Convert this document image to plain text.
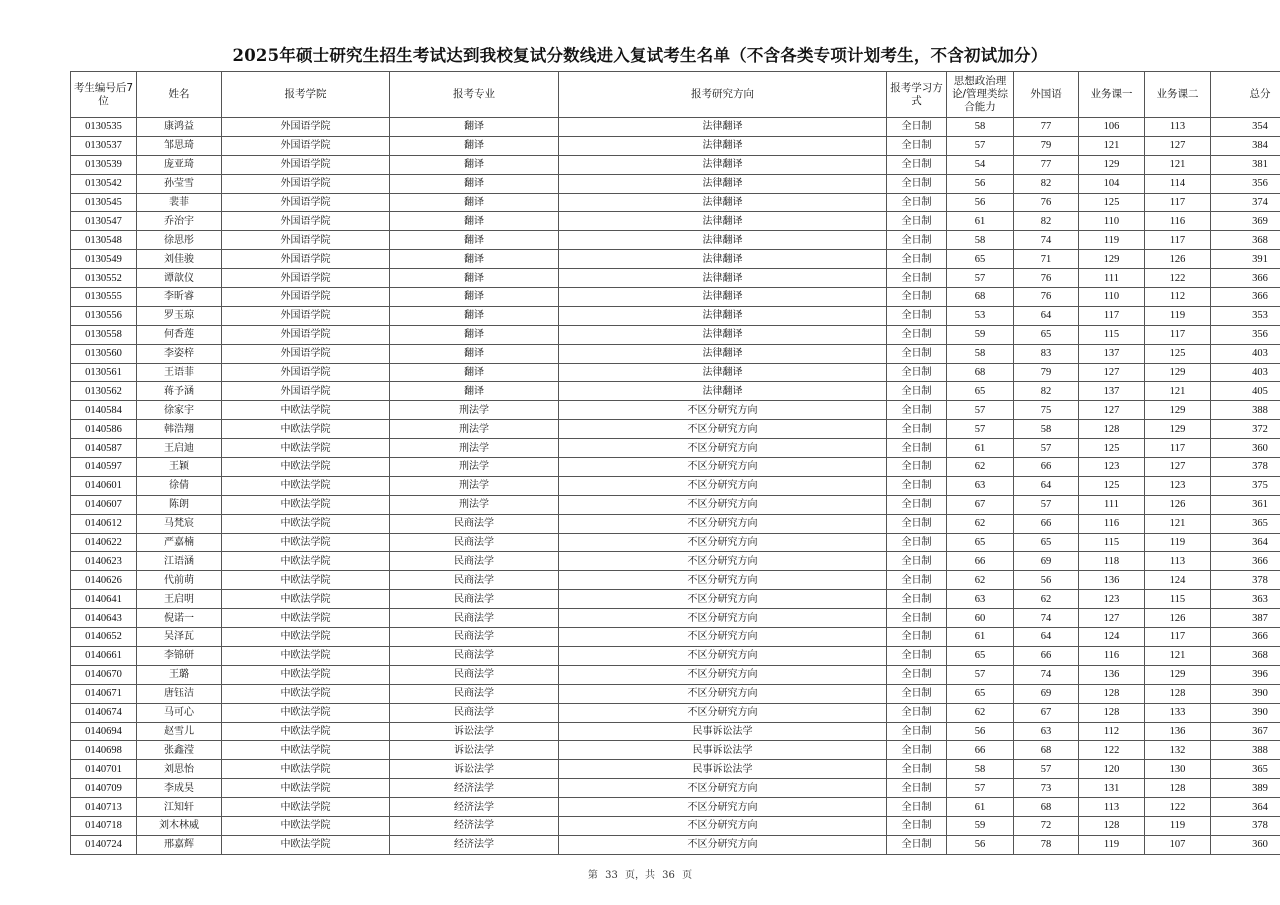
2025年硕士研究生招生考试达到我校复试分数线进入复试考生名单（不含各类专项计划考生，不含初试加分）
考生编号后7位	姓名	报考学院	报考专业	报考研究方向	报考学习方式	思想政治理论/管理类综合能力	外国语	业务课一	业务课二	总分
0130535	康鸿益	外国语学院	翻译	法律翻译	全日制	58	77	106	113	354
0130537	邹思琦	外国语学院	翻译	法律翻译	全日制	57	79	121	127	384
0130539	庞亚琦	外国语学院	翻译	法律翻译	全日制	54	77	129	121	381
0130542	孙莹雪	外国语学院	翻译	法律翻译	全日制	56	82	104	114	356
0130545	裴菲	外国语学院	翻译	法律翻译	全日制	56	76	125	117	374
0130547	乔治宇	外国语学院	翻译	法律翻译	全日制	61	82	110	116	369
0130548	徐思彤	外国语学院	翻译	法律翻译	全日制	58	74	119	117	368
0130549	刘佳骏	外国语学院	翻译	法律翻译	全日制	65	71	129	126	391
0130552	谭歆仪	外国语学院	翻译	法律翻译	全日制	57	76	111	122	366
0130555	李昕睿	外国语学院	翻译	法律翻译	全日制	68	76	110	112	366
0130556	罗玉琼	外国语学院	翻译	法律翻译	全日制	53	64	117	119	353
0130558	何香莲	外国语学院	翻译	法律翻译	全日制	59	65	115	117	356
0130560	李姿梓	外国语学院	翻译	法律翻译	全日制	58	83	137	125	403
0130561	王语菲	外国语学院	翻译	法律翻译	全日制	68	79	127	129	403
0130562	蒋予涵	外国语学院	翻译	法律翻译	全日制	65	82	137	121	405
0140584	徐家宇	中欧法学院	刑法学	不区分研究方向	全日制	57	75	127	129	388
0140586	韩浩翔	中欧法学院	刑法学	不区分研究方向	全日制	57	58	128	129	372
0140587	王启迪	中欧法学院	刑法学	不区分研究方向	全日制	61	57	125	117	360
0140597	王颖	中欧法学院	刑法学	不区分研究方向	全日制	62	66	123	127	378
0140601	徐倩	中欧法学院	刑法学	不区分研究方向	全日制	63	64	125	123	375
0140607	陈朗	中欧法学院	刑法学	不区分研究方向	全日制	67	57	111	126	361
0140612	马梵宸	中欧法学院	民商法学	不区分研究方向	全日制	62	66	116	121	365
0140622	严嘉楠	中欧法学院	民商法学	不区分研究方向	全日制	65	65	115	119	364
0140623	江语涵	中欧法学院	民商法学	不区分研究方向	全日制	66	69	118	113	366
0140626	代前萌	中欧法学院	民商法学	不区分研究方向	全日制	62	56	136	124	378
0140641	王启明	中欧法学院	民商法学	不区分研究方向	全日制	63	62	123	115	363
0140643	倪诺一	中欧法学院	民商法学	不区分研究方向	全日制	60	74	127	126	387
0140652	吴泽瓦	中欧法学院	民商法学	不区分研究方向	全日制	61	64	124	117	366
0140661	李锦研	中欧法学院	民商法学	不区分研究方向	全日制	65	66	116	121	368
0140670	王璐	中欧法学院	民商法学	不区分研究方向	全日制	57	74	136	129	396
0140671	唐钰洁	中欧法学院	民商法学	不区分研究方向	全日制	65	69	128	128	390
0140674	马可心	中欧法学院	民商法学	不区分研究方向	全日制	62	67	128	133	390
0140694	赵雪儿	中欧法学院	诉讼法学	民事诉讼法学	全日制	56	63	112	136	367
0140698	张鑫滢	中欧法学院	诉讼法学	民事诉讼法学	全日制	66	68	122	132	388
0140701	刘思怡	中欧法学院	诉讼法学	民事诉讼法学	全日制	58	57	120	130	365
0140709	李成昊	中欧法学院	经济法学	不区分研究方向	全日制	57	73	131	128	389
0140713	江知轩	中欧法学院	经济法学	不区分研究方向	全日制	61	68	113	122	364
0140718	刘木林威	中欧法学院	经济法学	不区分研究方向	全日制	59	72	128	119	378
0140724	邢嘉辉	中欧法学院	经济法学	不区分研究方向	全日制	56	78	119	107	360
第 33 页，共 36 页
